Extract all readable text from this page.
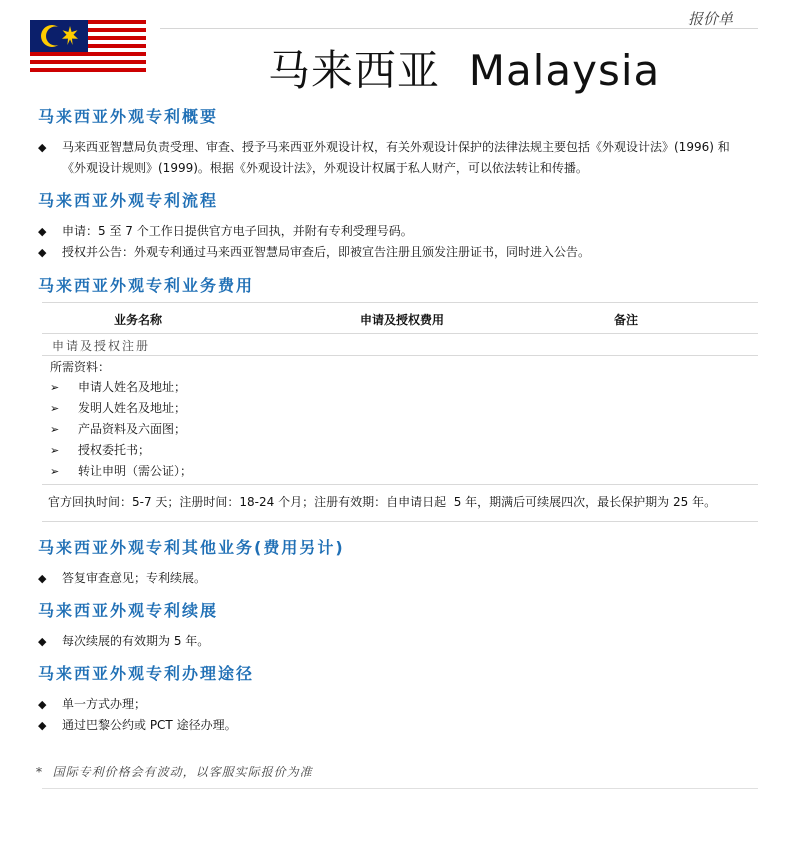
报价单
马来西亚  Malaysia
马来西亚外观专利概要
◆ 马来西亚智慧局负责受理、审查、授予马来西亚外观设计权，有关外观设计保护的法律法规主要包括《外观设计法》(1996) 和《外观设计规则》(1999)。根据《外观设计法》，外观设计权属于私人财产，可以依法转让和传播。
马来西亚外观专利流程
◆ 申请：5 至 7 个工作日提供官方电子回执，并附有专利受理号码。
◆ 授权并公告：外观专利通过马来西亚智慧局审查后，即被宣告注册且颁发注册证书，同时进入公告。
马来西亚外观专利业务费用
业务名称	申请及授权费用	备注
申请及授权注册
所需资料：
➢ 申请人姓名及地址；
➢ 发明人姓名及地址；
➢ 产品资料及六面图；
➢ 授权委托书；
➢ 转让申明（需公证）；
官方回执时间：5-7 天；注册时间：18-24 个月；注册有效期：自申请日起  5 年，期满后可续展四次，最长保护期为 25 年。
马来西亚外观专利其他业务(费用另计)
◆ 答复审查意见；专利续展。
马来西亚外观专利续展
◆ 每次续展的有效期为 5 年。
马来西亚外观专利办理途径
◆ 单一方式办理；
◆ 通过巴黎公约或 PCT 途径办理。
*  国际专利价格会有波动，以客服实际报价为准
